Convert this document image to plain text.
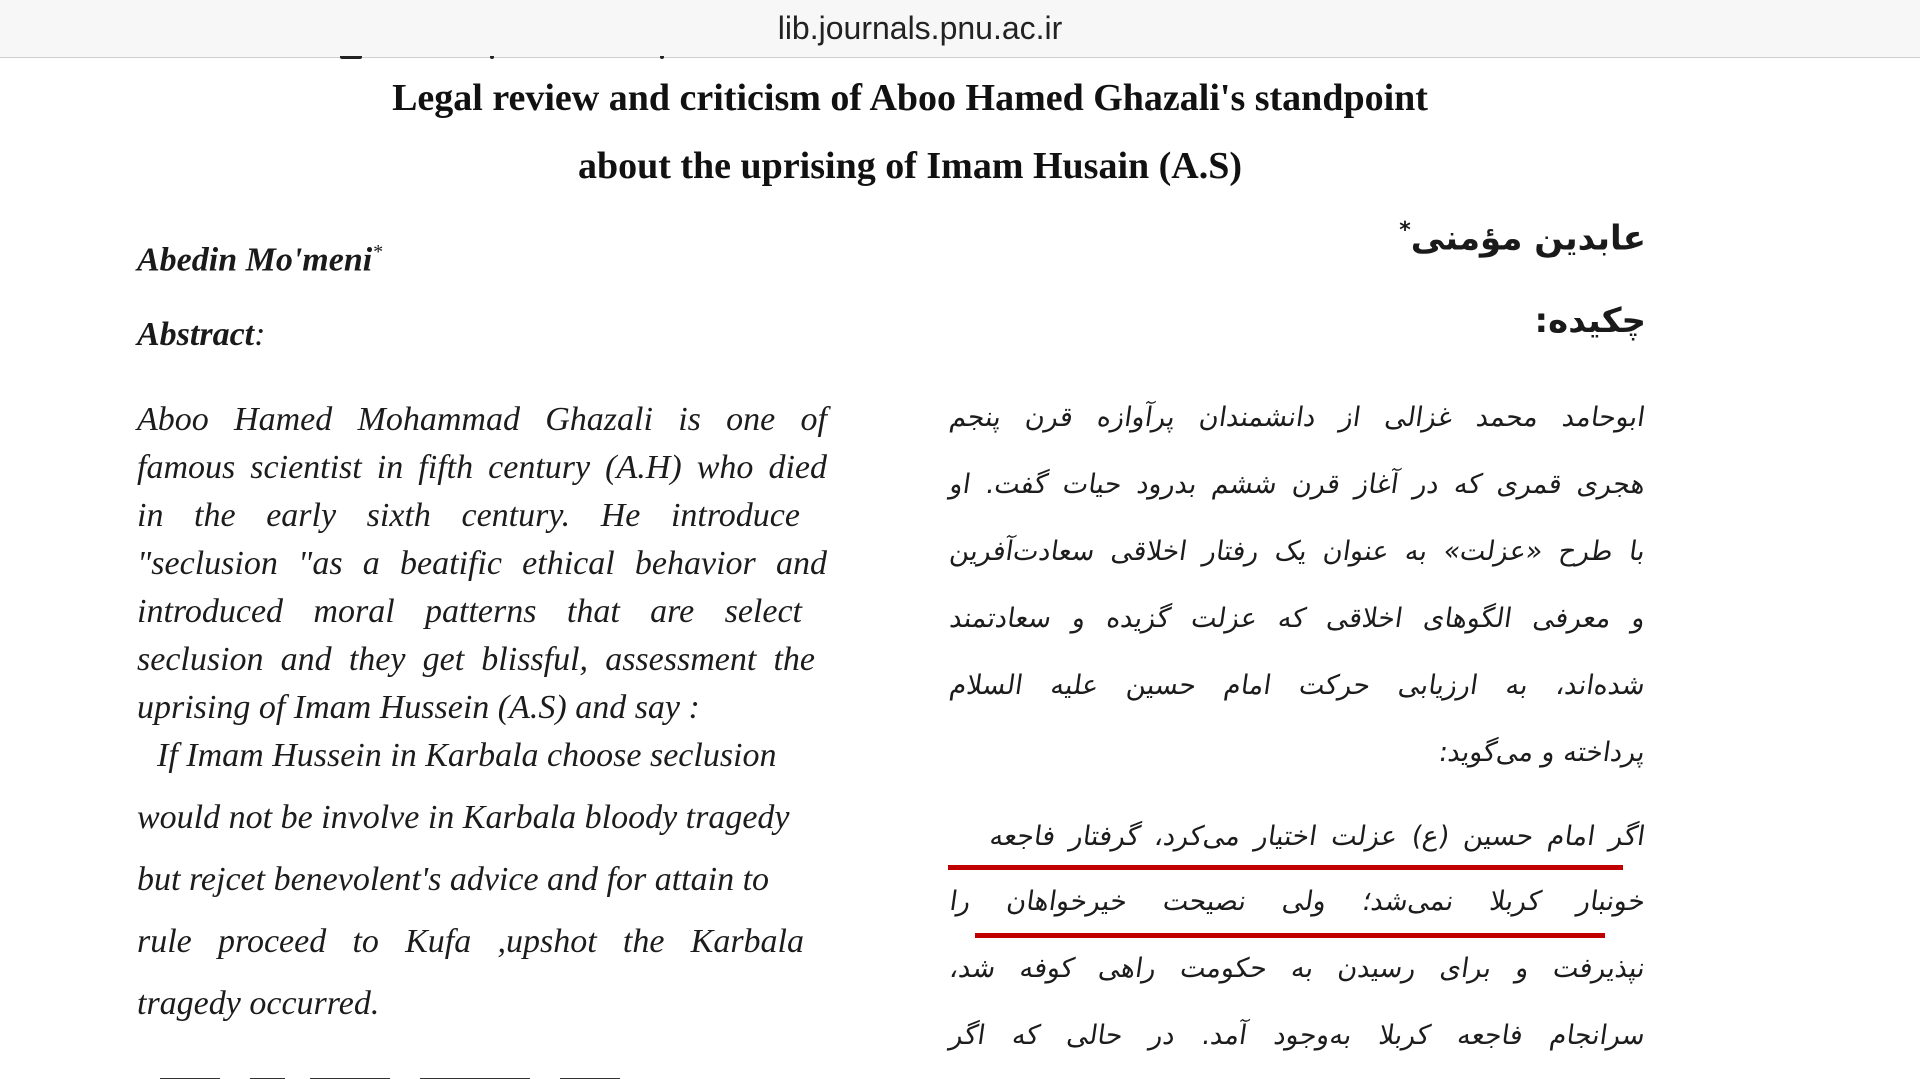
lib.journals.pnu.ac.ir
Legal review and criticism of Aboo Hamed Ghazali's standpoint
about the uprising of Imam Husain (A.S)
Abedin Mo'meni*
Abstract:
عابدین مؤمنی*
چکیده:
Aboo Hamed Mohammad Ghazali is one of
famous scientist in fifth century (A.H) who died
in the early sixth century. He introduce
"seclusion "as a beatific ethical behavior and
introduced moral patterns that are select
seclusion and they get blissful, assessment the
uprising of Imam Hussein (A.S) and say :
If Imam Hussein in Karbala choose seclusion
would not be involve in Karbala bloody tragedy
but rejcet benevolent's advice and for attain to
rule proceed to Kufa ,upshot the Karbala
tragedy occurred.
ابوحامد محمد غزالی از دانشمندان پرآوازه قرن پنجم
هجری قمری که در آغاز قرن ششم بدرود حیات گفت. او
با طرح «عزلت» به عنوان یک رفتار اخلاقی سعادت‌آفرین
و معرفی الگوهای اخلاقی که عزلت گزیده و سعادتمند
شده‌اند، به ارزیابی حرکت امام حسین علیه السلام
پرداخته و می‌گوید:
اگر امام حسین (ع) عزلت اختیار می‌کرد، گرفتار فاجعه
خونبار کربلا نمی‌شد؛ ولی نصیحت خیرخواهان را
نپذیرفت و برای رسیدن به حکومت راهی کوفه شد،
سرانجام فاجعه کربلا به‌وجود آمد. در حالی که اگر
